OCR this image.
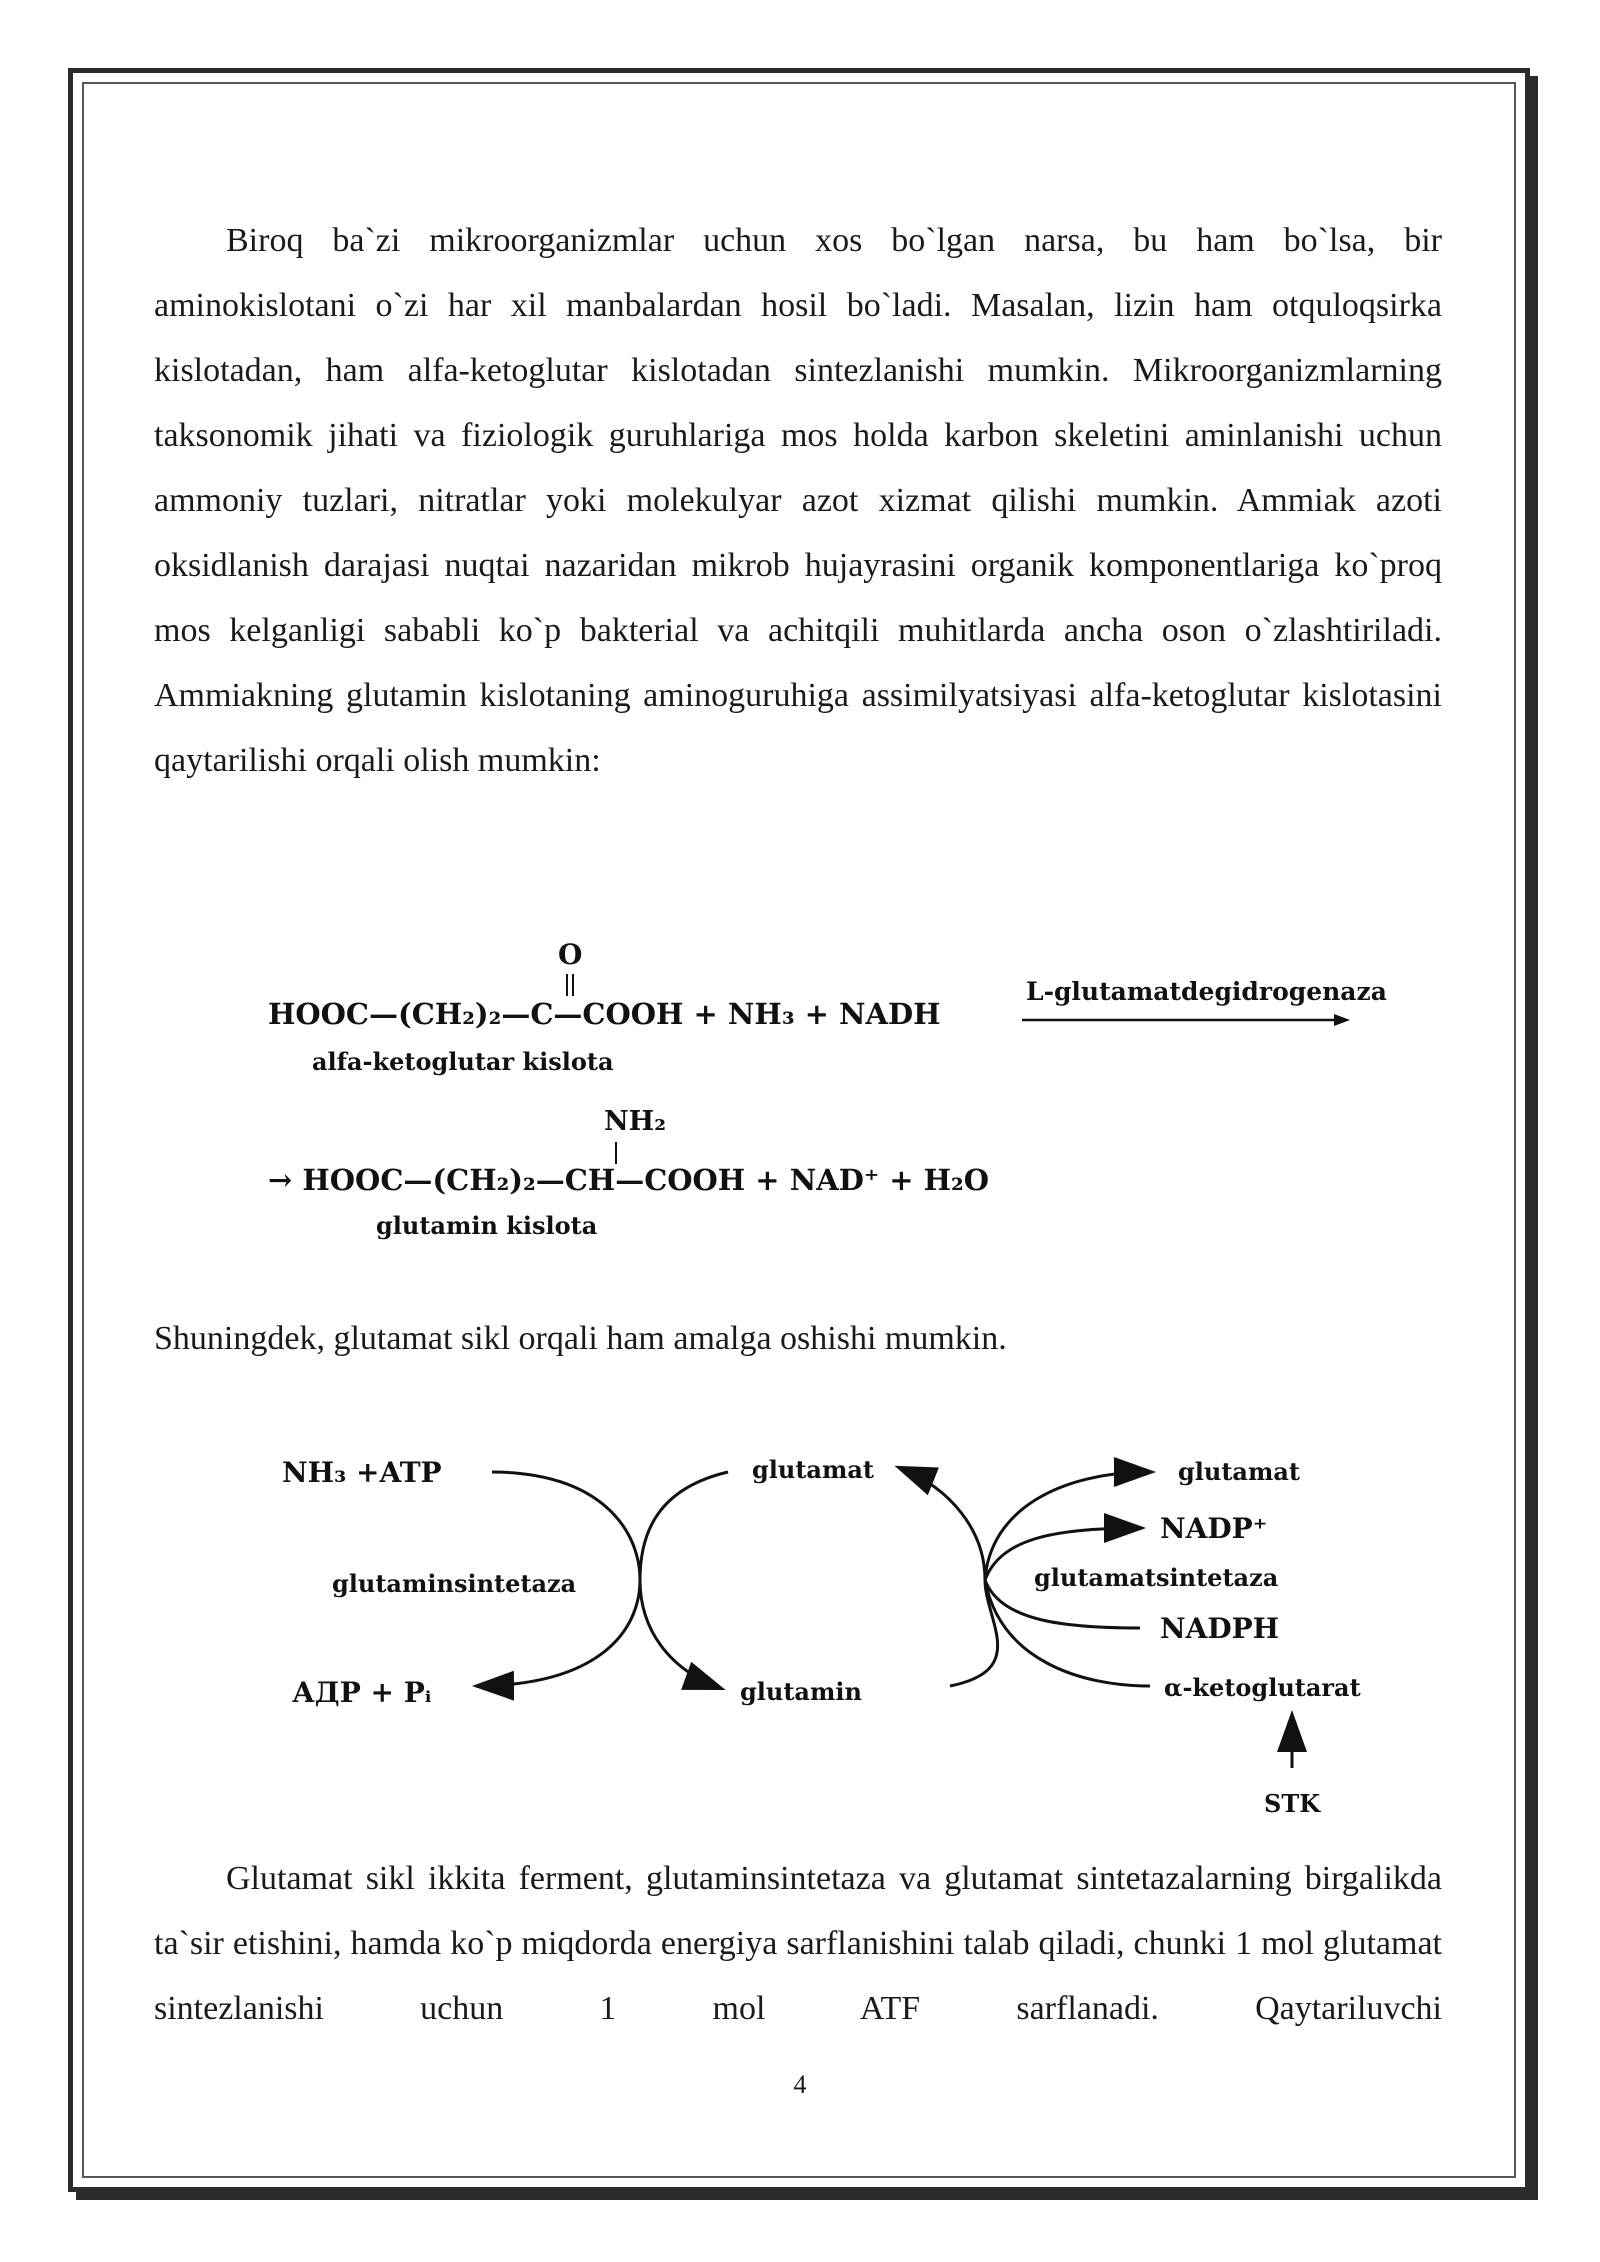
Biroq ba`zi mikroorganizmlar uchun xos bo`lgan narsa, bu ham bo`lsa, bir aminokislotani o`zi har xil manbalardan hosil bo`ladi. Masalan, lizin ham otquloqsirka kislotadan, ham alfa-ketoglutar kislotadan sintezlanishi mumkin. Mikroorganizmlarning taksonomik jihati va fiziologik guruhlariga mos holda karbon skeletini aminlanishi uchun ammoniy tuzlari, nitratlar yoki molekulyar azot xizmat qilishi mumkin. Ammiak azoti oksidlanish darajasi nuqtai nazaridan mikrob hujayrasini organik komponentlariga ko`proq mos kelganligi sababli ko`p bakterial va achitqili muhitlarda ancha oson o`zlashtiriladi. Ammiakning glutamin kislotaning aminoguruhiga assimilyatsiyasi alfa-ketoglutar kislotasini qaytarilishi orqali olish mumkin:

O
HOOC—(CH₂)₂—C—COOH + NH₃ + NADH
L-glutamatdegidrogenaza
alfa-ketoglutar kislota
NH₂
→ HOOC—(CH₂)₂—CH—COOH + NAD⁺ + H₂O
glutamin kislota

Shuningdek, glutamat sikl orqali ham amalga oshishi mumkin.

NH₃ +ATP
glutaminsintetaza
АДР + Pᵢ
glutamat
glutamin
glutamat
NADP⁺
glutamatsintetaza
NADPH
α-ketoglutarat
STK

Glutamat sikl ikkita ferment, glutaminsintetaza va glutamat sintetazalarning birgalikda ta`sir etishini, hamda ko`p miqdorda energiya sarflanishini talab qiladi, chunki 1 mol glutamat sintezlanishi uchun 1 mol ATF sarflanadi. Qaytariluvchi

4
